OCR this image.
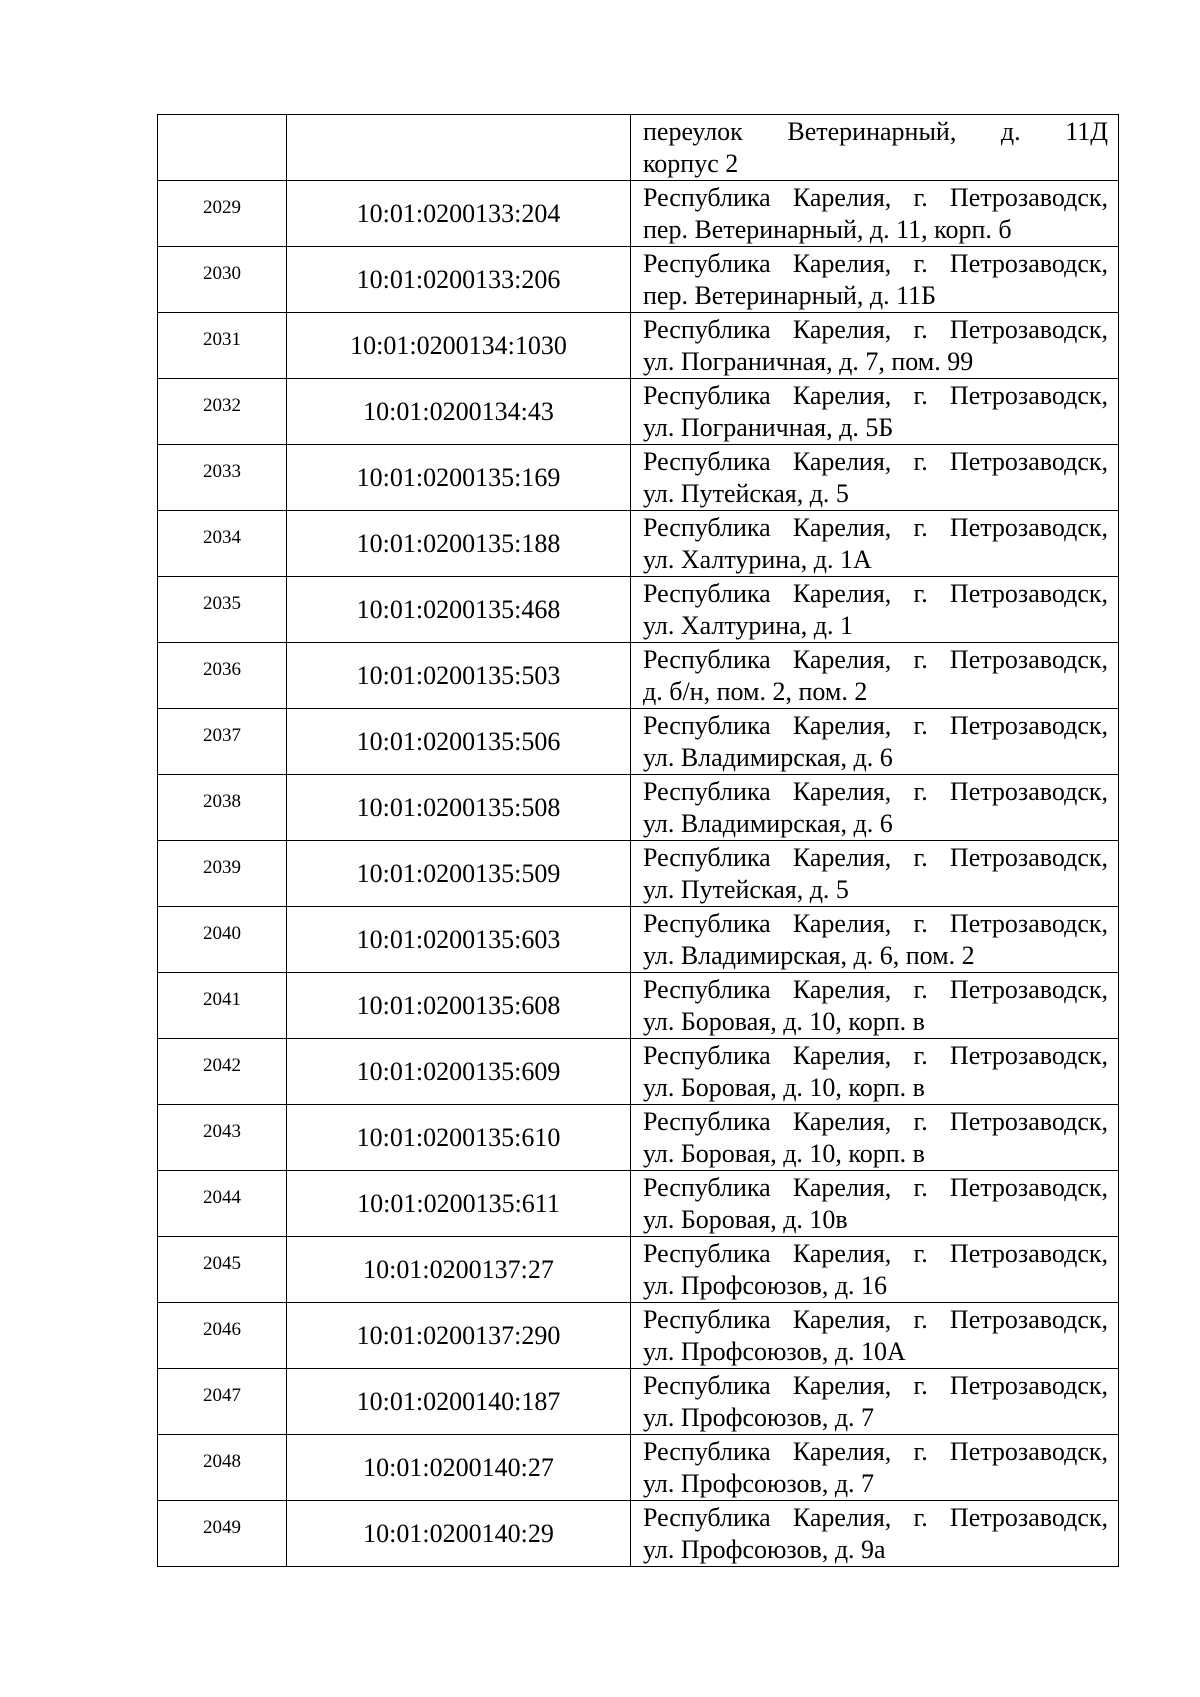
		переулок Ветеринарный, д. 11Д
корпус 2

2029	10:01:0200133:204	Республика Карелия, г. Петрозаводск,
пер. Ветеринарный, д. 11, корп. б

2030	10:01:0200133:206	Республика Карелия, г. Петрозаводск,
пер. Ветеринарный, д. 11Б

2031	10:01:0200134:1030	Республика Карелия, г. Петрозаводск,
ул. Пограничная, д. 7, пом. 99

2032	10:01:0200134:43	Республика Карелия, г. Петрозаводск,
ул. Пограничная, д. 5Б

2033	10:01:0200135:169	Республика Карелия, г. Петрозаводск,
ул. Путейская, д. 5

2034	10:01:0200135:188	Республика Карелия, г. Петрозаводск,
ул. Халтурина, д. 1А

2035	10:01:0200135:468	Республика Карелия, г. Петрозаводск,
ул. Халтурина, д. 1

2036	10:01:0200135:503	Республика Карелия, г. Петрозаводск,
д. б/н, пом. 2, пом. 2

2037	10:01:0200135:506	Республика Карелия, г. Петрозаводск,
ул. Владимирская, д. 6

2038	10:01:0200135:508	Республика Карелия, г. Петрозаводск,
ул. Владимирская, д. 6

2039	10:01:0200135:509	Республика Карелия, г. Петрозаводск,
ул. Путейская, д. 5

2040	10:01:0200135:603	Республика Карелия, г. Петрозаводск,
ул. Владимирская, д. 6, пом. 2

2041	10:01:0200135:608	Республика Карелия, г. Петрозаводск,
ул. Боровая, д. 10, корп. в

2042	10:01:0200135:609	Республика Карелия, г. Петрозаводск,
ул. Боровая, д. 10, корп. в

2043	10:01:0200135:610	Республика Карелия, г. Петрозаводск,
ул. Боровая, д. 10, корп. в

2044	10:01:0200135:611	Республика Карелия, г. Петрозаводск,
ул. Боровая, д. 10в

2045	10:01:0200137:27	Республика Карелия, г. Петрозаводск,
ул. Профсоюзов, д. 16

2046	10:01:0200137:290	Республика Карелия, г. Петрозаводск,
ул. Профсоюзов, д. 10А

2047	10:01:0200140:187	Республика Карелия, г. Петрозаводск,
ул. Профсоюзов, д. 7

2048	10:01:0200140:27	Республика Карелия, г. Петрозаводск,
ул. Профсоюзов, д. 7

2049	10:01:0200140:29	Республика Карелия, г. Петрозаводск,
ул. Профсоюзов, д. 9а
